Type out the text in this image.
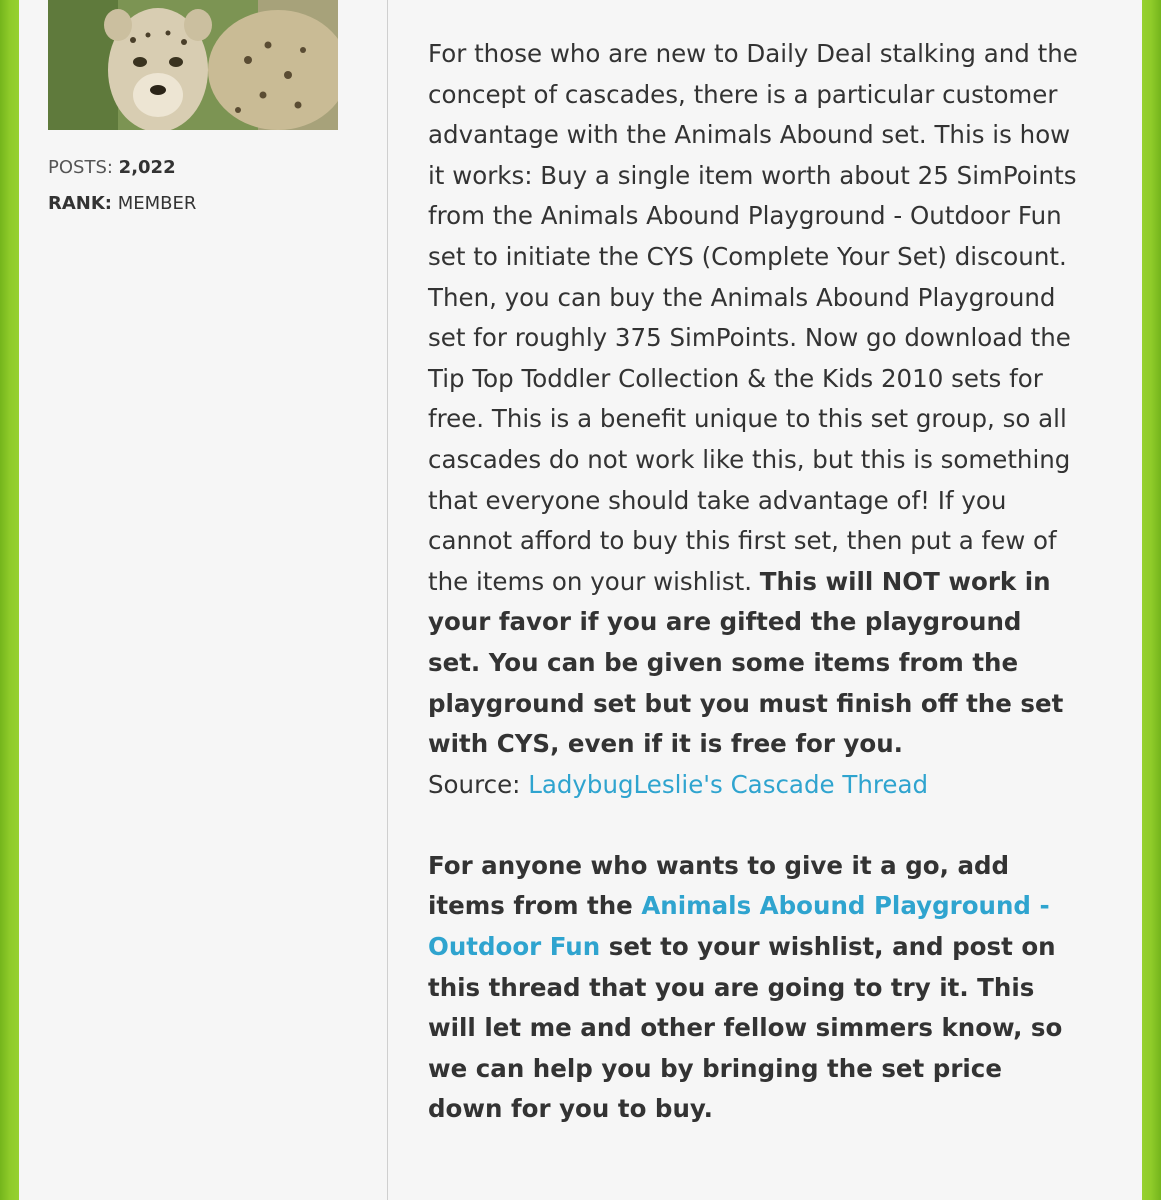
POSTS: 2,022
RANK: MEMBER

For those who are new to Daily Deal stalking and the concept of cascades, there is a particular customer advantage with the Animals Abound set. This is how it works: Buy a single item worth about 25 SimPoints from the Animals Abound Playground - Outdoor Fun set to initiate the CYS (Complete Your Set) discount. Then, you can buy the Animals Abound Playground set for roughly 375 SimPoints. Now go download the Tip Top Toddler Collection & the Kids 2010 sets for free. This is a benefit unique to this set group, so all cascades do not work like this, but this is something that everyone should take advantage of! If you cannot afford to buy this first set, then put a few of the items on your wishlist. This will NOT work in your favor if you are gifted the playground set. You can be given some items from the playground set but you must finish off the set with CYS, even if it is free for you.

Source: LadybugLeslie's Cascade Thread

For anyone who wants to give it a go, add items from the Animals Abound Playground - Outdoor Fun set to your wishlist, and post on this thread that you are going to try it. This will let me and other fellow simmers know, so we can help you by bringing the set price down for you to buy.
